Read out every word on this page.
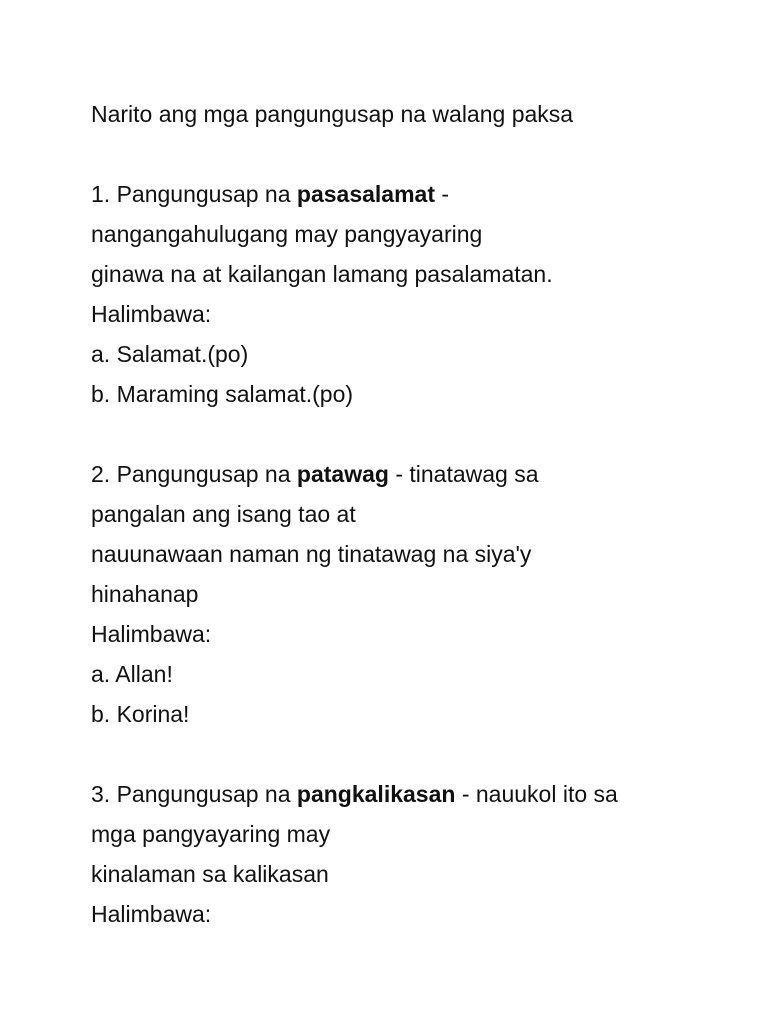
Narito ang mga pangungusap na walang paksa
1. Pangungusap na pasasalamat -
nangangahulugang may pangyayaring
ginawa na at kailangan lamang pasalamatan.
Halimbawa:
a. Salamat.(po)
b. Maraming salamat.(po)
2. Pangungusap na patawag - tinatawag sa
pangalan ang isang tao at
nauunawaan naman ng tinatawag na siya'y
hinahanap
Halimbawa:
a. Allan!
b. Korina!
3. Pangungusap na pangkalikasan - nauukol ito sa
mga pangyayaring may
kinalaman sa kalikasan
Halimbawa:
